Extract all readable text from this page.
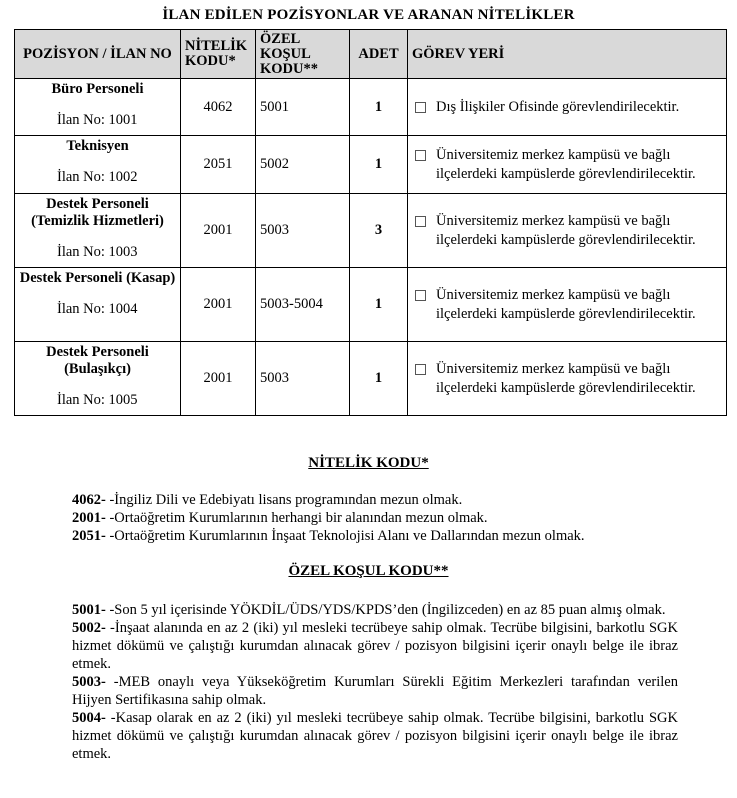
İLAN EDİLEN POZİSYONLAR VE ARANAN NİTELİKLER
POZİSYON / İLAN NO	NİTELİK KODU*	ÖZEL KOŞUL KODU**	ADET	GÖREV YERİ

Büro Personeli
İlan No: 1001	4062	5001	1	Dış İlişkiler Ofisinde görevlendirilecektir.

Teknisyen
İlan No: 1002	2051	5002	1	Üniversitemiz merkez kampüsü ve bağlı ilçelerdeki kampüslerde görevlendirilecektir.

Destek Personeli (Temizlik Hizmetleri)
İlan No: 1003	2001	5003	3	Üniversitemiz merkez kampüsü ve bağlı ilçelerdeki kampüslerde görevlendirilecektir.

Destek Personeli (Kasap)
İlan No: 1004	2001	5003-5004	1	Üniversitemiz merkez kampüsü ve bağlı ilçelerdeki kampüslerde görevlendirilecektir.

Destek Personeli (Bulaşıkçı)
İlan No: 1005	2001	5003	1	Üniversitemiz merkez kampüsü ve bağlı ilçelerdeki kampüslerde görevlendirilecektir.
NİTELİK KODU*
4062- -İngiliz Dili ve Edebiyatı lisans programından mezun olmak.
2001- -Ortaöğretim Kurumlarının herhangi bir alanından mezun olmak.
2051- -Ortaöğretim Kurumlarının İnşaat Teknolojisi Alanı ve Dallarından mezun olmak.
ÖZEL KOŞUL KODU**
5001- -Son 5 yıl içerisinde YÖKDİL/ÜDS/YDS/KPDS’den (İngilizceden) en az 85 puan almış olmak.
5002- -İnşaat alanında en az 2 (iki) yıl mesleki tecrübeye sahip olmak. Tecrübe bilgisini, barkotlu SGK hizmet dökümü ve çalıştığı kurumdan alınacak görev / pozisyon bilgisini içerir onaylı belge ile ibraz etmek.
5003- -MEB onaylı veya Yükseköğretim Kurumları Sürekli Eğitim Merkezleri tarafından verilen Hijyen Sertifikasına sahip olmak.
5004- -Kasap olarak en az 2 (iki) yıl mesleki tecrübeye sahip olmak. Tecrübe bilgisini, barkotlu SGK hizmet dökümü ve çalıştığı kurumdan alınacak görev / pozisyon bilgisini içerir onaylı belge ile ibraz etmek.
